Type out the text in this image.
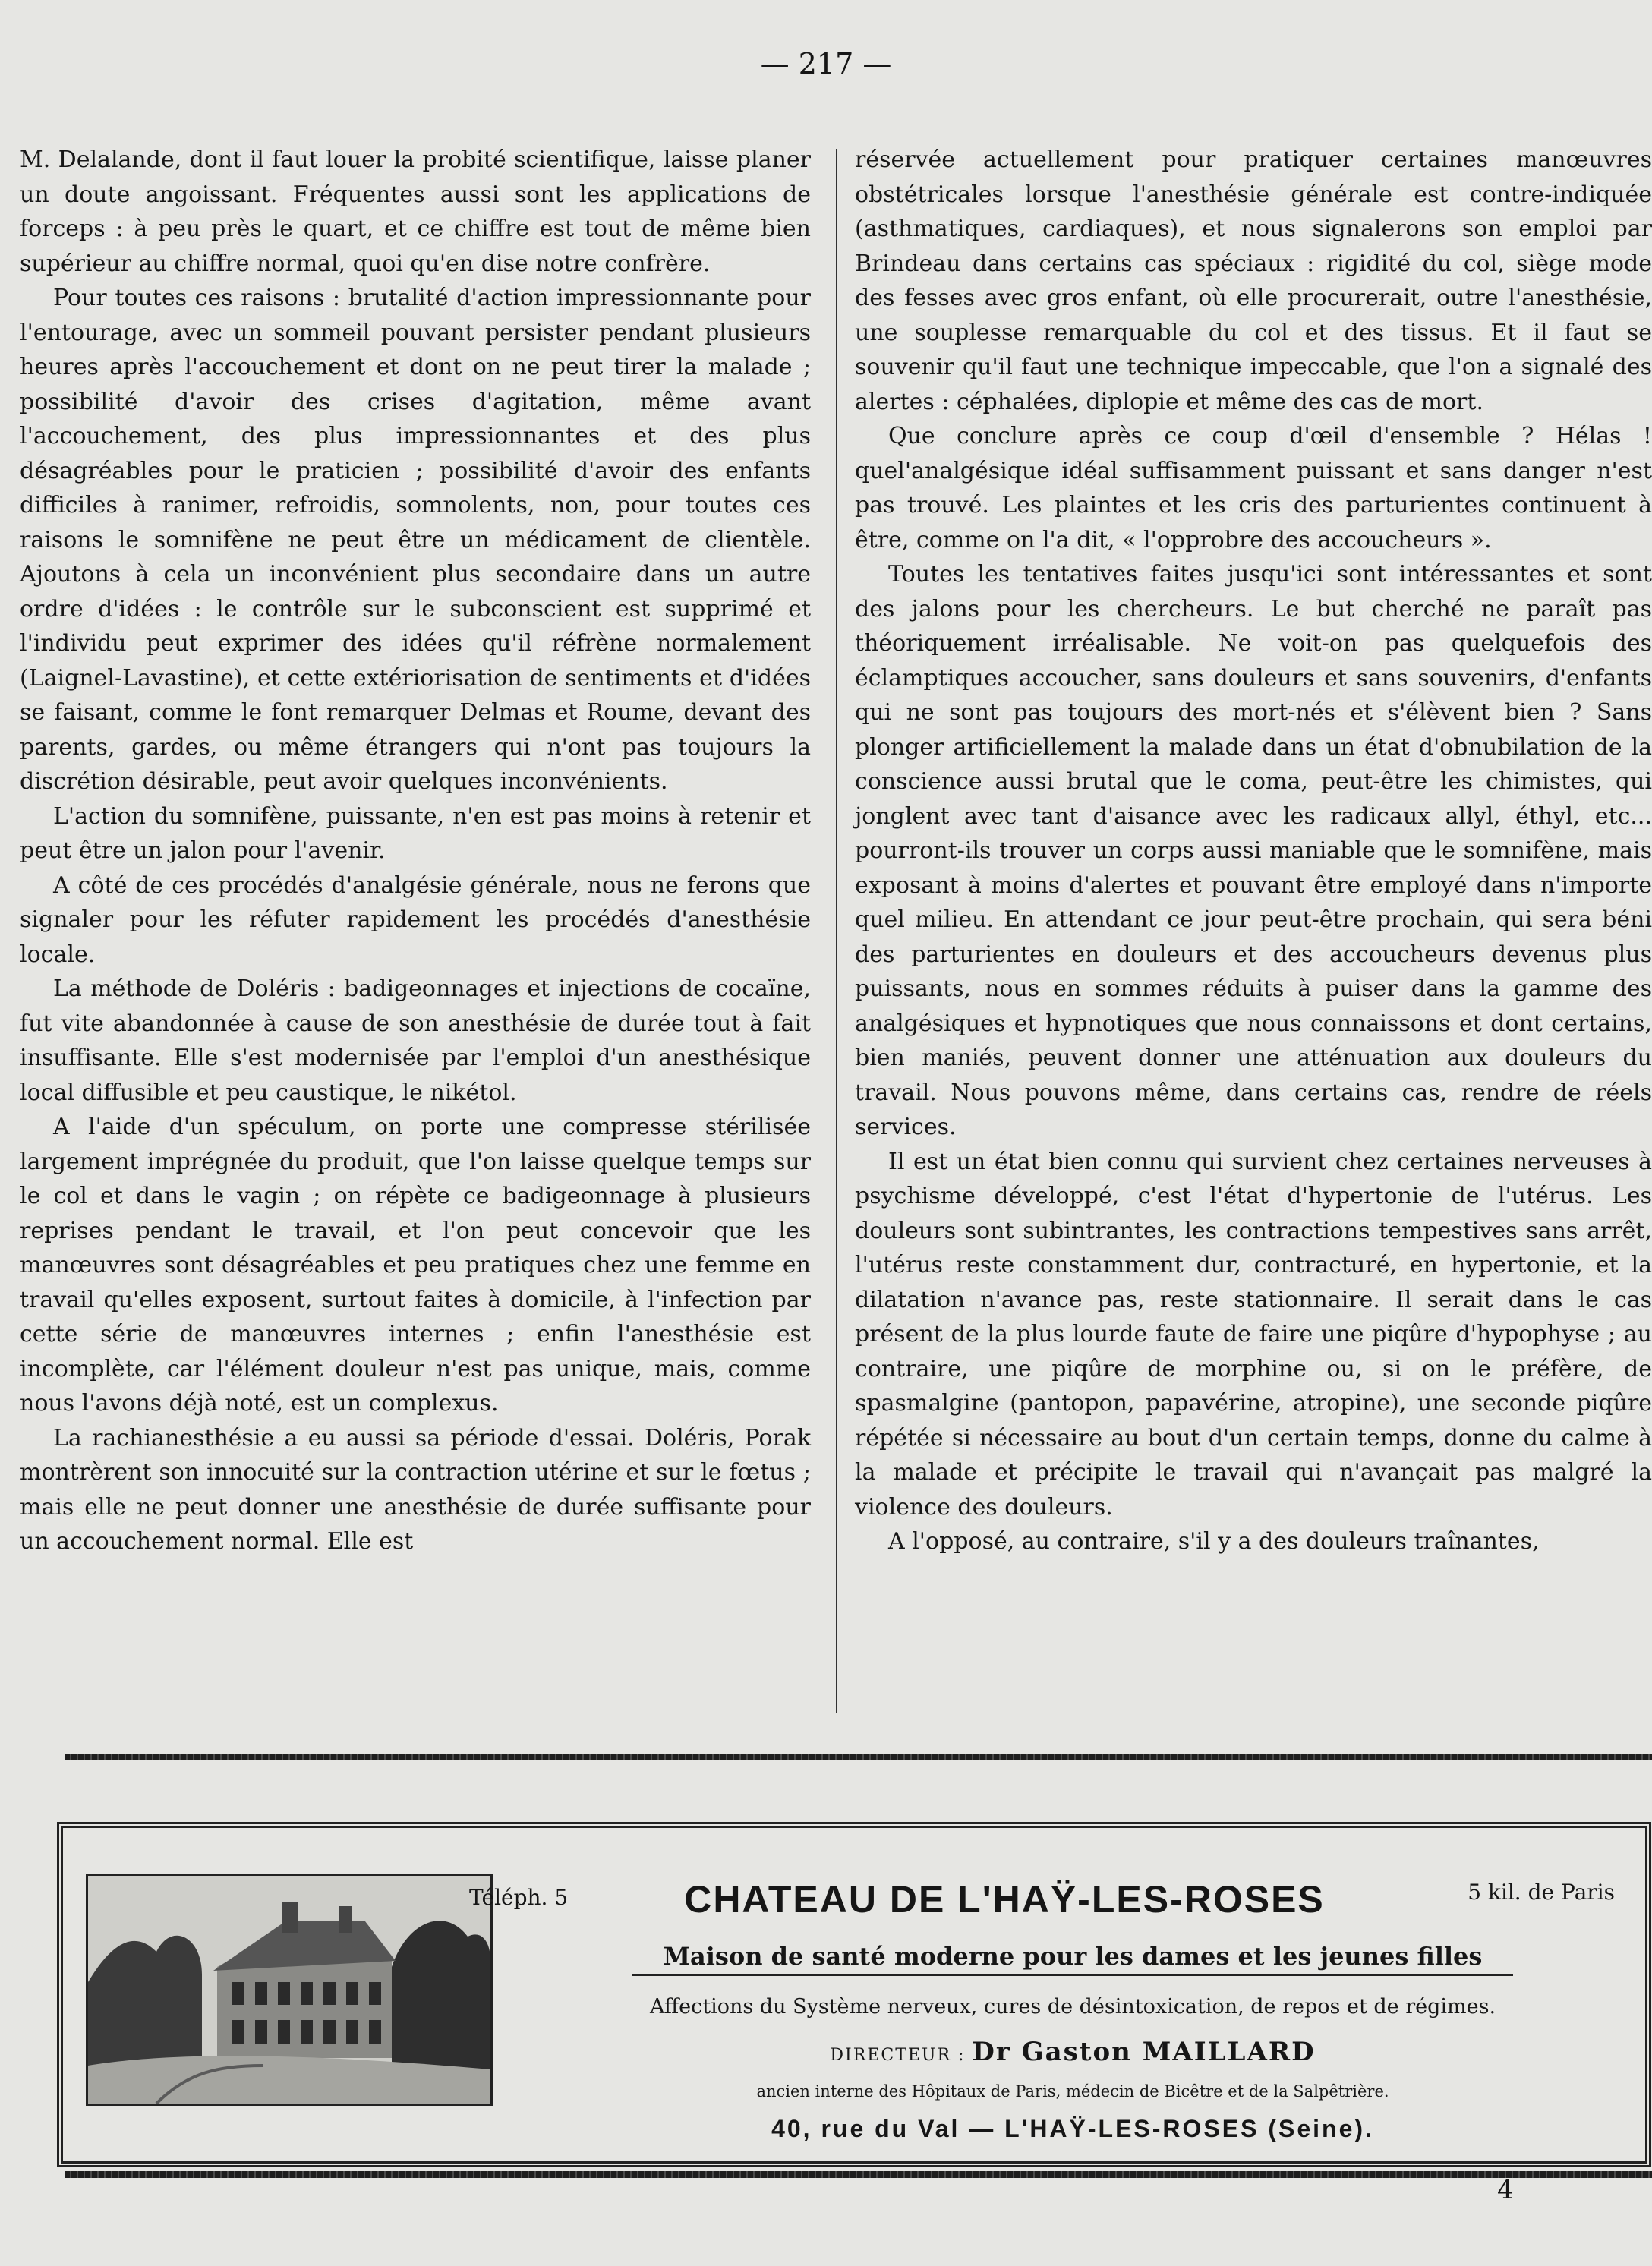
— 217 —

M. Delalande, dont il faut louer la probité scientifique, laisse planer un doute angoissant. Fréquentes aussi sont les applications de forceps : à peu près le quart, et ce chiffre est tout de même bien supérieur au chiffre normal, quoi qu'en dise notre confrère.

Pour toutes ces raisons : brutalité d'action impressionnante pour l'entourage, avec un sommeil pouvant persister pendant plusieurs heures après l'accouchement et dont on ne peut tirer la malade ; possibilité d'avoir des crises d'agitation, même avant l'accouchement, des plus impressionnantes et des plus désagréables pour le praticien ; possibilité d'avoir des enfants difficiles à ranimer, refroidis, somnolents, non, pour toutes ces raisons le somnifène ne peut être un médicament de clientèle. Ajoutons à cela un inconvénient plus secondaire dans un autre ordre d'idées : le contrôle sur le subconscient est supprimé et l'individu peut exprimer des idées qu'il réfrène normalement (Laignel-Lavastine), et cette extériorisation de sentiments et d'idées se faisant, comme le font remarquer Delmas et Roume, devant des parents, gardes, ou même étrangers qui n'ont pas toujours la discrétion désirable, peut avoir quelques inconvénients.

L'action du somnifène, puissante, n'en est pas moins à retenir et peut être un jalon pour l'avenir.

A côté de ces procédés d'analgésie générale, nous ne ferons que signaler pour les réfuter rapidement les procédés d'anesthésie locale.

La méthode de Doléris : badigeonnages et injections de cocaïne, fut vite abandonnée à cause de son anesthésie de durée tout à fait insuffisante. Elle s'est modernisée par l'emploi d'un anesthésique local diffusible et peu caustique, le nikétol.

A l'aide d'un spéculum, on porte une compresse stérilisée largement imprégnée du produit, que l'on laisse quelque temps sur le col et dans le vagin ; on répète ce badigeonnage à plusieurs reprises pendant le travail, et l'on peut concevoir que les manœuvres sont désagréables et peu pratiques chez une femme en travail qu'elles exposent, surtout faites à domicile, à l'infection par cette série de manœuvres internes ; enfin l'anesthésie est incomplète, car l'élément douleur n'est pas unique, mais, comme nous l'avons déjà noté, est un complexus.

La rachianesthésie a eu aussi sa période d'essai. Doléris, Porak montrèrent son innocuité sur la contraction utérine et sur le fœtus ; mais elle ne peut donner une anesthésie de durée suffisante pour un accouchement normal. Elle est

réservée actuellement pour pratiquer certaines manœuvres obstétricales lorsque l'anesthésie générale est contre-indiquée (asthmatiques, cardiaques), et nous signalerons son emploi par Brindeau dans certains cas spéciaux : rigidité du col, siège mode des fesses avec gros enfant, où elle procurerait, outre l'anesthésie, une souplesse remarquable du col et des tissus. Et il faut se souvenir qu'il faut une technique impeccable, que l'on a signalé des alertes : céphalées, diplopie et même des cas de mort.

Que conclure après ce coup d'œil d'ensemble ? Hélas ! quel'analgésique idéal suffisamment puissant et sans danger n'est pas trouvé. Les plaintes et les cris des parturientes continuent à être, comme on l'a dit, « l'opprobre des accoucheurs ».

Toutes les tentatives faites jusqu'ici sont intéressantes et sont des jalons pour les chercheurs. Le but cherché ne paraît pas théoriquement irréalisable. Ne voit-on pas quelquefois des éclamptiques accoucher, sans douleurs et sans souvenirs, d'enfants qui ne sont pas toujours des mort-nés et s'élèvent bien ? Sans plonger artificiellement la malade dans un état d'obnubilation de la conscience aussi brutal que le coma, peut-être les chimistes, qui jonglent avec tant d'aisance avec les radicaux allyl, éthyl, etc... pourront-ils trouver un corps aussi maniable que le somnifène, mais exposant à moins d'alertes et pouvant être employé dans n'importe quel milieu. En attendant ce jour peut-être prochain, qui sera béni des parturientes en douleurs et des accoucheurs devenus plus puissants, nous en sommes réduits à puiser dans la gamme des analgésiques et hypnotiques que nous connaissons et dont certains, bien maniés, peuvent donner une atténuation aux douleurs du travail. Nous pouvons même, dans certains cas, rendre de réels services.

Il est un état bien connu qui survient chez certaines nerveuses à psychisme développé, c'est l'état d'hypertonie de l'utérus. Les douleurs sont subintrantes, les contractions tempestives sans arrêt, l'utérus reste constamment dur, contracturé, en hypertonie, et la dilatation n'avance pas, reste stationnaire. Il serait dans le cas présent de la plus lourde faute de faire une piqûre d'hypophyse ; au contraire, une piqûre de morphine ou, si on le préfère, de spasmalgine (pantopon, papavérine, atropine), une seconde piqûre répétée si nécessaire au bout d'un certain temps, donne du calme à la malade et précipite le travail qui n'avançait pas malgré la violence des douleurs.

A l'opposé, au contraire, s'il y a des douleurs traînantes,

Téléph. 5	5 kil. de Paris
CHATEAU DE L'HAŸ-LES-ROSES
Maison de santé moderne pour les dames et les jeunes filles
Affections du Système nerveux, cures de désintoxication, de repos et de régimes.
DIRECTEUR : Dr Gaston MAILLARD
ancien interne des Hôpitaux de Paris, médecin de Bicêtre et de la Salpêtrière.
40, rue du Val — L'HAŸ-LES-ROSES (Seine).
4
